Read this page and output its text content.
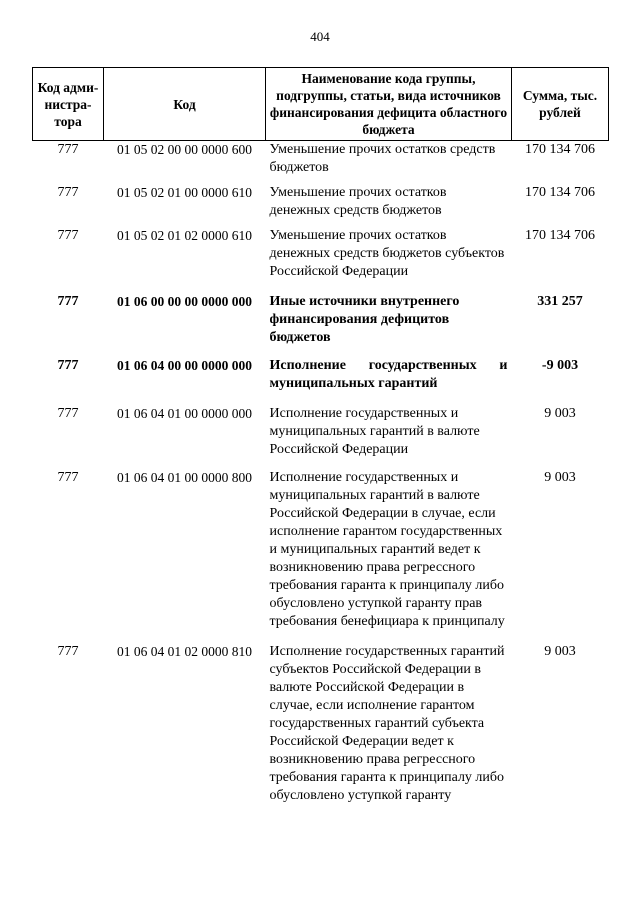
404
Код адми-нистра-тора	Код	Наименование кода группы, подгруппы, статьи, вида источников финансирования дефицита областного бюджета	Сумма, тыс. рублей
777	01 05 02 00 00 0000 600	Уменьшение прочих остатков средств бюджетов	170 134 706
777	01 05 02 01 00 0000 610	Уменьшение прочих остатков денежных средств бюджетов	170 134 706
777	01 05 02 01 02 0000 610	Уменьшение прочих остатков денежных средств бюджетов субъектов Российской Федерации	170 134 706
777	01 06 00 00 00 0000 000	Иные источники внутреннего финансирования дефицитов бюджетов	331 257
777	01 06 04 00 00 0000 000	Исполнение государственных и муниципальных гарантий	-9 003
777	01 06 04 01 00 0000 000	Исполнение государственных и муниципальных гарантий в валюте Российской Федерации	9 003
777	01 06 04 01 00 0000 800	Исполнение государственных и муниципальных гарантий в валюте Российской Федерации в случае, если исполнение гарантом государственных и муниципальных гарантий ведет к возникновению права регрессного требования гаранта к принципалу либо обусловлено уступкой гаранту прав требования бенефициара к принципалу	9 003
777	01 06 04 01 02 0000 810	Исполнение государственных гарантий субъектов Российской Федерации в валюте Российской Федерации в случае, если исполнение гарантом государственных гарантий субъекта Российской Федерации ведет к возникновению права регрессного требования гаранта к принципалу либо обусловлено уступкой гаранту	9 003
